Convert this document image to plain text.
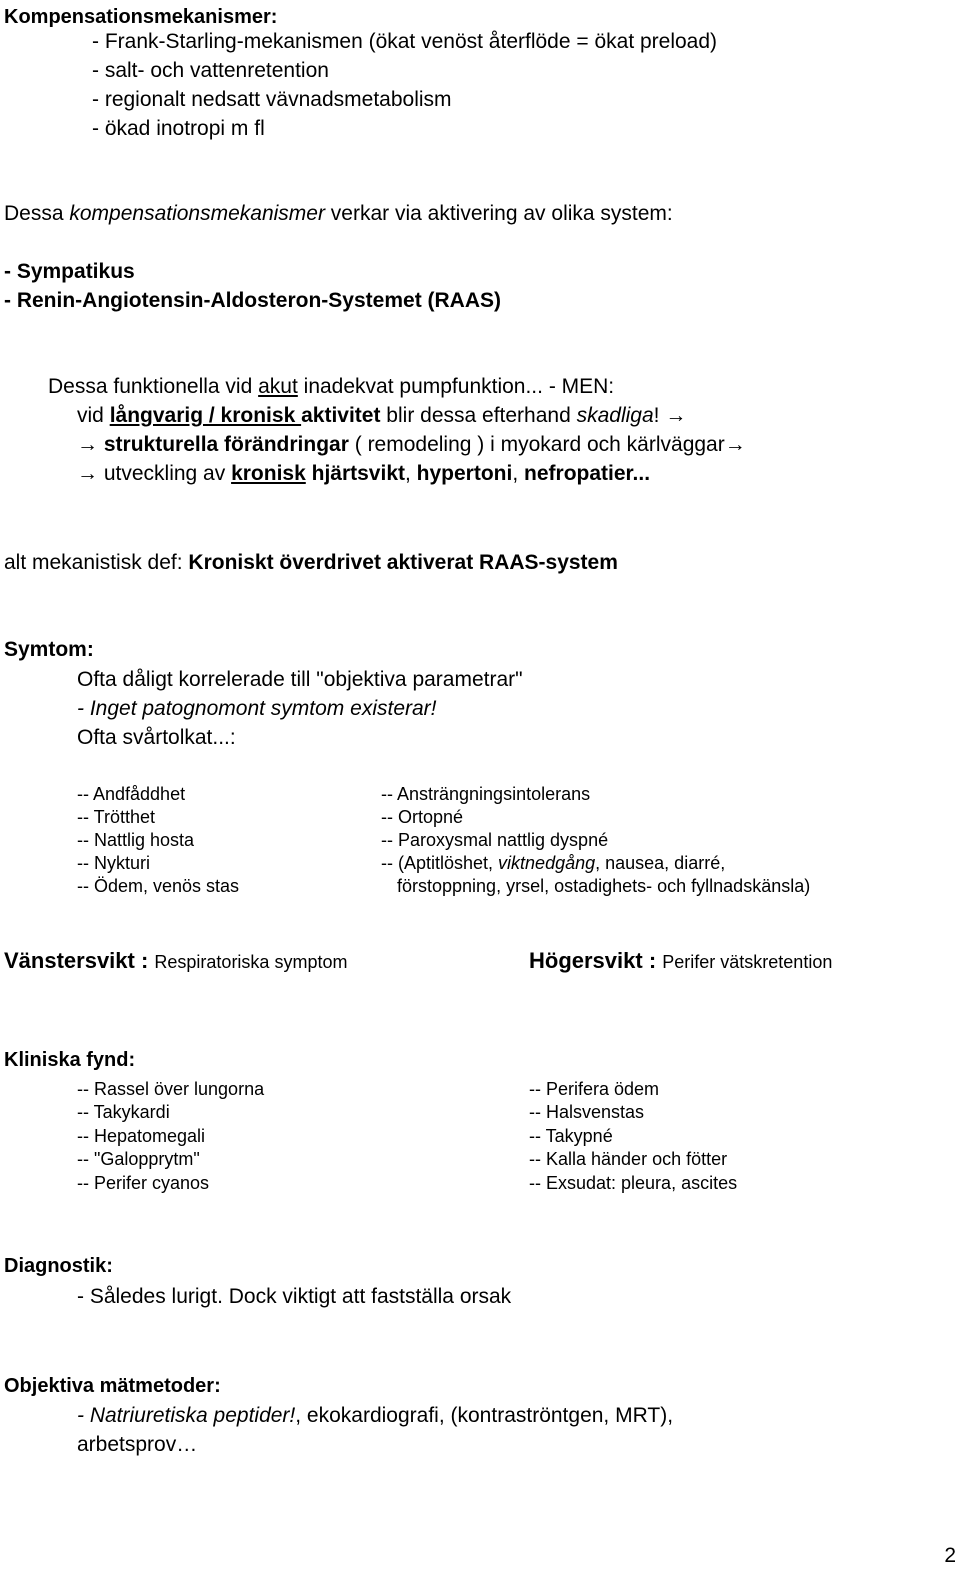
Kompensationsmekanismer:
- Frank-Starling-mekanismen (ökat venöst återflöde = ökat preload)
- salt- och vattenretention
- regionalt nedsatt vävnadsmetabolism
- ökad inotropi m fl
Dessa kompensationsmekanismer verkar via aktivering av olika system:
- Sympatikus
- Renin-Angiotensin-Aldosteron-Systemet (RAAS)
Dessa funktionella vid akut inadekvat pumpfunktion... - MEN:
vid långvarig / kronisk aktivitet blir dessa efterhand skadliga! →
→ strukturella förändringar ( remodeling ) i myokard och kärlväggar→
→ utveckling av kronisk hjärtsvikt, hypertoni, nefropatier...
alt mekanistisk def: Kroniskt överdrivet aktiverat RAAS-system
Symtom:
Ofta dåligt korrelerade till "objektiva parametrar"
- Inget patognomont symtom existerar!
Ofta svårtolkat...:
-- Andfåddhet
-- Trötthet
-- Nattlig hosta
-- Nykturi
-- Ödem, venös stas
-- Ansträngningsintolerans
-- Ortopné
-- Paroxysmal nattlig dyspné
-- (Aptitlöshet, viktnedgång, nausea, diarré,
förstoppning, yrsel, ostadighets- och fyllnadskänsla)
Vänstersvikt : Respiratoriska symptom	Högersvikt : Perifer vätskretention
Kliniska fynd:
-- Rassel över lungorna
-- Takykardi
-- Hepatomegali
-- "Galopprytm"
-- Perifer cyanos
-- Perifera ödem
-- Halsvenstas
-- Takypné
-- Kalla händer och fötter
-- Exsudat: pleura, ascites
Diagnostik:
- Således lurigt. Dock viktigt att fastställa orsak
Objektiva mätmetoder:
- Natriuretiska peptider!, ekokardiografi, (kontraströntgen, MRT),
arbetsprov…
2
